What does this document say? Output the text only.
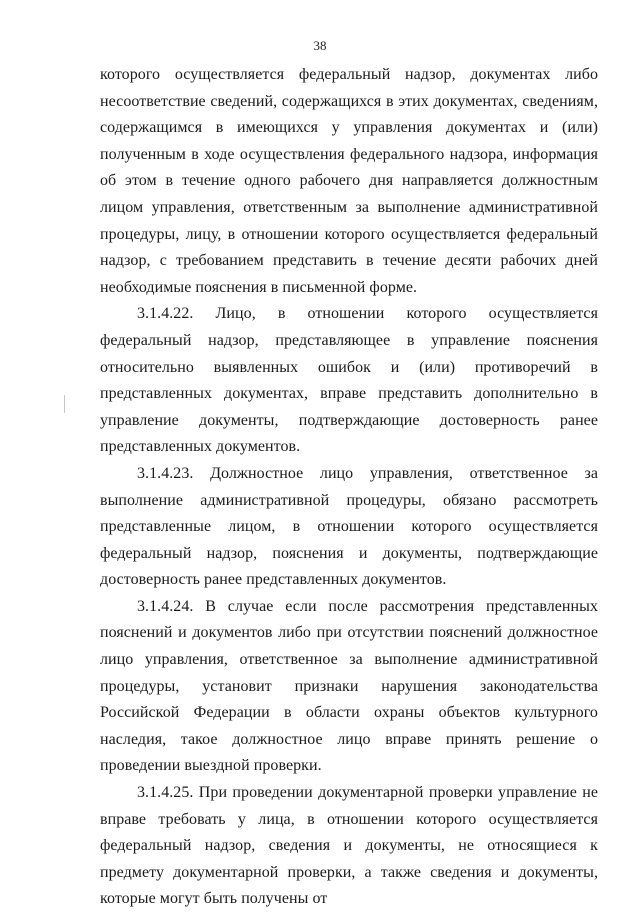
38

которого осуществляется федеральный надзор, документах либо несоответствие сведений, содержащихся в этих документах, сведениям, содержащимся в имеющихся у управления документах и (или) полученным в ходе осуществления федерального надзора, информация об этом в течение одного рабочего дня направляется должностным лицом управления, ответственным за выполнение административной процедуры, лицу, в отношении которого осуществляется федеральный надзор, с требованием представить в течение десяти рабочих дней необходимые пояснения в письменной форме.

3.1.4.22. Лицо, в отношении которого осуществляется федеральный надзор, представляющее в управление пояснения относительно выявленных ошибок и (или) противоречий в представленных документах, вправе представить дополнительно в управление документы, подтверждающие достоверность ранее представленных документов.

3.1.4.23. Должностное лицо управления, ответственное за выполнение административной процедуры, обязано рассмотреть представленные лицом, в отношении которого осуществляется федеральный надзор, пояснения и документы, подтверждающие достоверность ранее представленных документов.

3.1.4.24. В случае если после рассмотрения представленных пояснений и документов либо при отсутствии пояснений должностное лицо управления, ответственное за выполнение административной процедуры, установит признаки нарушения законодательства Российской Федерации в области охраны объектов культурного наследия, такое должностное лицо вправе принять решение о проведении выездной проверки.

3.1.4.25. При проведении документарной проверки управление не вправе требовать у лица, в отношении которого осуществляется федеральный надзор, сведения и документы, не относящиеся к предмету документарной проверки, а также сведения и документы, которые могут быть получены от
